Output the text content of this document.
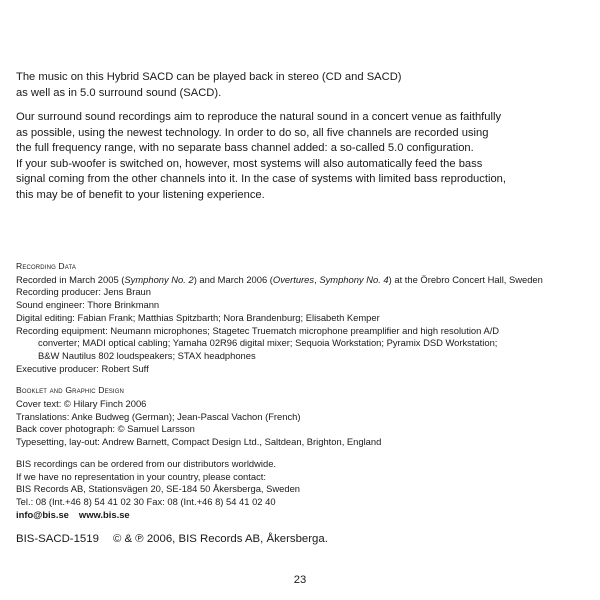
The music on this Hybrid SACD can be played back in stereo (CD and SACD)
as well as in 5.0 surround sound (SACD).

Our surround sound recordings aim to reproduce the natural sound in a concert venue as faithfully
as possible, using the newest technology. In order to do so, all five channels are recorded using
the full frequency range, with no separate bass channel added: a so-called 5.0 configuration.
If your sub-woofer is switched on, however, most systems will also automatically feed the bass
signal coming from the other channels into it. In the case of systems with limited bass reproduction,
this may be of benefit to your listening experience.

Recording Data
Recorded in March 2005 (Symphony No. 2) and March 2006 (Overtures, Symphony No. 4) at the Örebro Concert Hall, Sweden
Recording producer: Jens Braun
Sound engineer: Thore Brinkmann
Digital editing: Fabian Frank; Matthias Spitzbarth; Nora Brandenburg; Elisabeth Kemper
Recording equipment: Neumann microphones; Stagetec Truematch microphone preamplifier and high resolution A/D
converter; MADI optical cabling; Yamaha 02R96 digital mixer; Sequoia Workstation; Pyramix DSD Workstation;
B&W Nautilus 802 loudspeakers; STAX headphones
Executive producer: Robert Suff
Booklet and Graphic Design
Cover text: © Hilary Finch 2006
Translations: Anke Budweg (German); Jean-Pascal Vachon (French)
Back cover photograph: © Samuel Larsson
Typesetting, lay-out: Andrew Barnett, Compact Design Ltd., Saltdean, Brighton, England
BIS recordings can be ordered from our distributors worldwide.
If we have no representation in your country, please contact:
BIS Records AB, Stationsvägen 20, SE-184 50 Åkersberga, Sweden
Tel.: 08 (Int.+46 8) 54 41 02 30 Fax: 08 (Int.+46 8) 54 41 02 40
info@bis.se www.bis.se
BIS-SACD-1519 © & ℗ 2006, BIS Records AB, Åkersberga.
23
